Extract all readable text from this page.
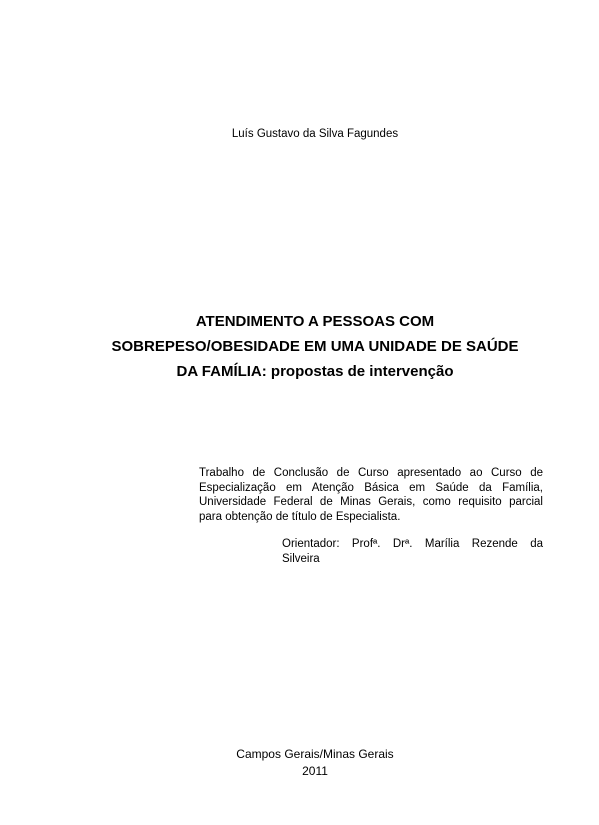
Luís Gustavo da Silva Fagundes
ATENDIMENTO A PESSOAS COM
SOBREPESO/OBESIDADE EM UMA UNIDADE DE SAÚDE
DA FAMÍLIA: propostas de intervenção
Trabalho de Conclusão de Curso apresentado ao Curso de
Especialização em Atenção Básica em Saúde da Família,
Universidade Federal de Minas Gerais, como requisito parcial
para obtenção de título de Especialista.
Orientador: Profª. Drª. Marília Rezende da
Silveira
Campos Gerais/Minas Gerais
2011
